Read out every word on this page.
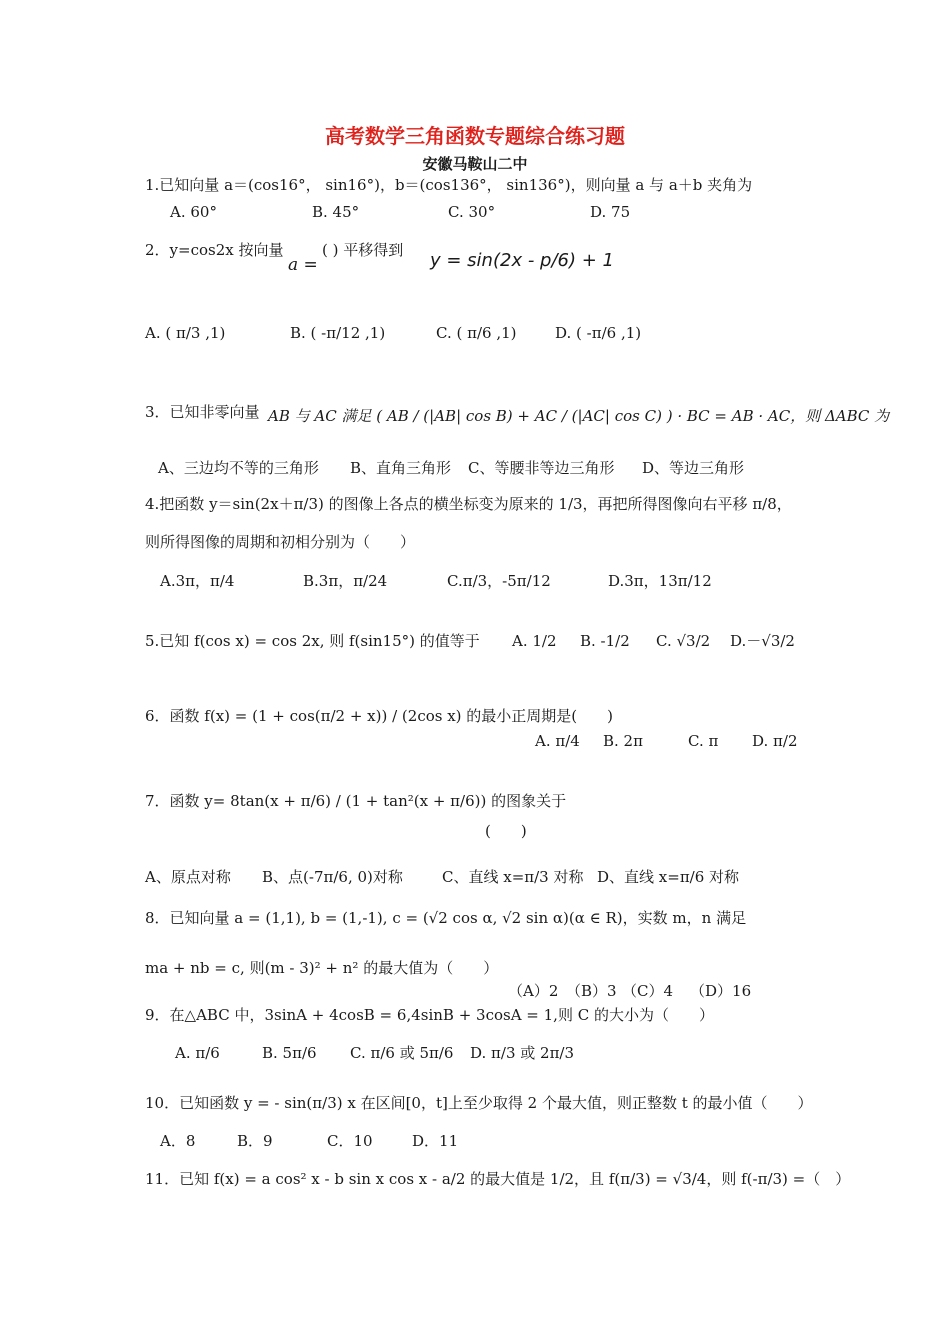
高考数学三角函数专题综合练习题
安徽马鞍山二中
1.已知向量 a＝(cos16°， sin16°)，b＝(cos136°， sin136°)，则向量 a 与 a＋b 夹角为
A. 60°	B. 45°	C. 30°	D. 75
2．y=cos2x 按向量
a =
( ) 平移得到 y = sin(2x - p/6) + 1
A. ( π/3 ,1)	B. ( -π/12 ,1)	C. ( π/6 ,1)	D. ( -π/6 ,1)
3．已知非零向量 AB 与 AC 满足 ( AB / (|AB| cos B) + AC / (|AC| cos C) ) · BC = AB · AC，则 ΔABC 为
A、三边均不等的三角形 B、直角三角形 C、等腰非等边三角形 D、等边三角形
4.把函数 y＝sin(2x＋π/3) 的图像上各点的横坐标变为原来的 1/3，再把所得图像向右平移 π/8，
则所得图像的周期和初相分别为（　　）
A.3π，π/4	B.3π，π/24	C.π/3，-5π/12	D.3π，13π/12
5.已知 f(cos x) = cos 2x, 则 f(sin15°) 的值等于 A. 1/2 B. -1/2 C. √3/2 D.－√3/2
6．函数 f(x) = (1 + cos(π/2 + x)) / (2cos x) 的最小正周期是(　　)
A. π/4 B. 2π	C. π D. π/2
7．函数 y= 8tan(x + π/6) / (1 + tan²(x + π/6)) 的图象关于
(　　)
A、原点对称 B、点(-7π/6, 0)对称	C、直线 x=π/3 对称 D、直线 x=π/6 对称
8．已知向量 a = (1,1), b = (1,-1), c = (√2 cos α, √2 sin α)(α ∈ R)，实数 m，n 满足
ma + nb = c, 则(m - 3)² + n² 的最大值为（　　）
（A）2 （B）3 （C）4 （D）16
9．在△ABC 中，3sinA + 4cosB = 6,4sinB + 3cosA = 1,则 C 的大小为（　　）
A. π/6	B. 5π/6 C. π/6 或 5π/6 D. π/3 或 2π/3
10．已知函数 y = - sin(π/3) x 在区间[0，t]上至少取得 2 个最大值，则正整数 t 的最小值（　　）
A．8	B．9	C．10	D．11
11．已知 f(x) = a cos² x - b sin x cos x - a/2 的最大值是 1/2，且 f(π/3) = √3/4，则 f(-π/3) =（　）
